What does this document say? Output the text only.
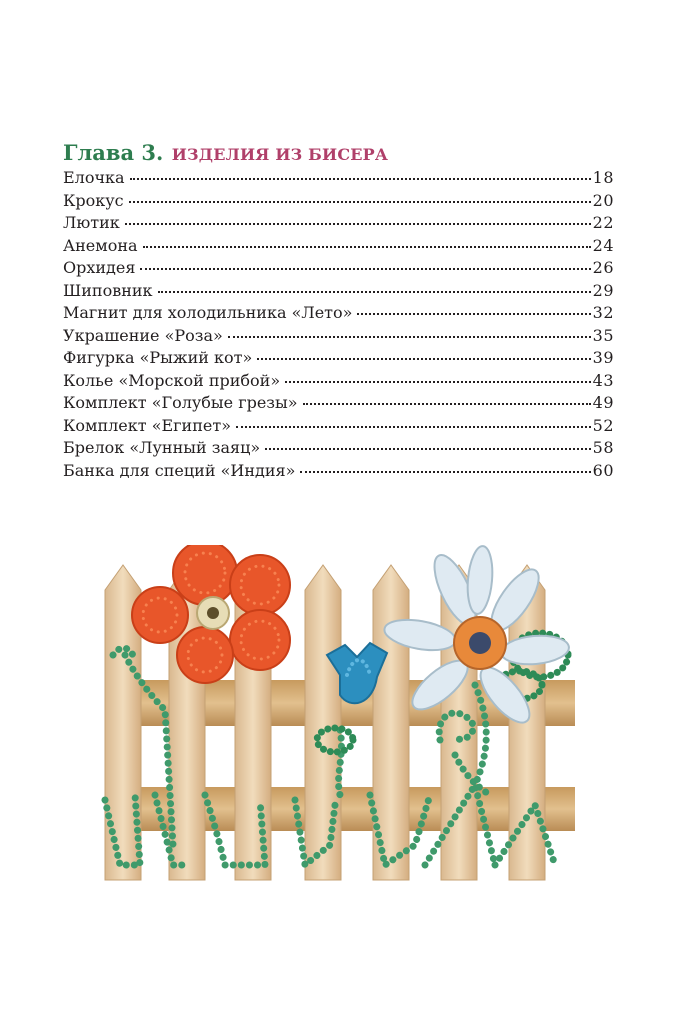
Глава 3. ИЗДЕЛИЯ ИЗ БИСЕРА
Елочка	18
Крокус	20
Лютик	22
Анемона	24
Орхидея	26
Шиповник	29
Магнит для холодильника «Лето»	32
Украшение «Роза»	35
Фигурка «Рыжий кот»	39
Колье «Морской прибой»	43
Комплект «Голубые грезы»	49
Комплект «Египет»	52
Брелок «Лунный заяц»	58
Банка для специй «Индия»	60
